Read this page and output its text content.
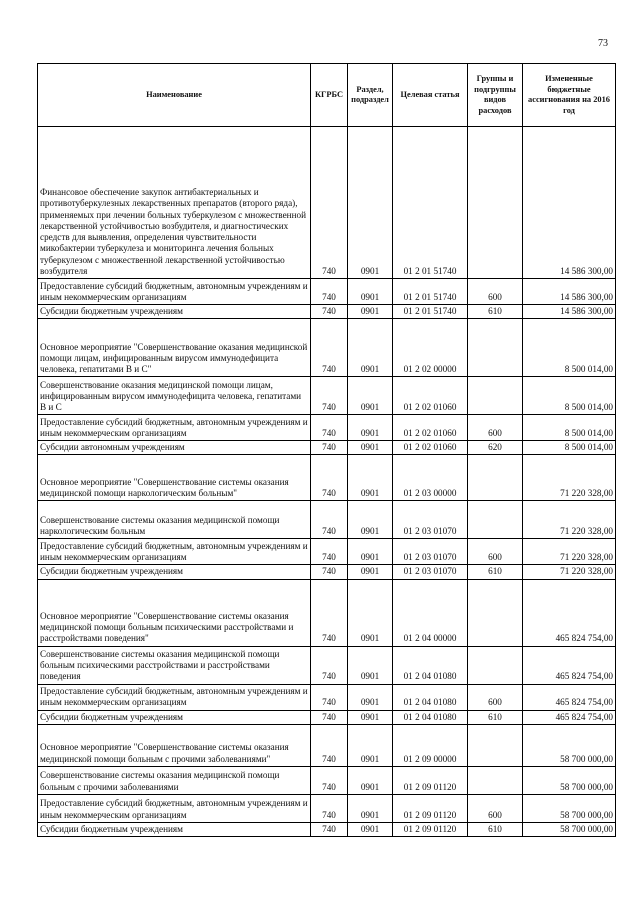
73
Наименование	КГРБС	Раздел, подраздел	Целевая статья	Группы и подгруппы видов расходов	Измененные бюджетные ассигнования на 2016 год
Финансовое обеспечение закупок антибактериальных и противотуберкулезных лекарственных препаратов (второго ряда), применяемых при лечении больных туберкулезом с множественной лекарственной устойчивостью возбудителя, и диагностических средств для выявления, определения чувствительности микобактерии туберкулеза и мониторинга лечения больных туберкулезом с множественной лекарственной устойчивостью возбудителя	740	0901	01 2 01 51740		14 586 300,00
Предоставление субсидий бюджетным, автономным учреждениям и иным некоммерческим организациям	740	0901	01 2 01 51740	600	14 586 300,00
Субсидии бюджетным учреждениям	740	0901	01 2 01 51740	610	14 586 300,00
Основное мероприятие "Совершенствование оказания медицинской помощи лицам, инфицированным вирусом иммунодефицита человека, гепатитами В и С"	740	0901	01 2 02 00000		8 500 014,00
Совершенствование оказания медицинской помощи лицам, инфицированным вирусом иммунодефицита человека, гепатитами В и С	740	0901	01 2 02 01060		8 500 014,00
Предоставление субсидий бюджетным, автономным учреждениям и иным некоммерческим организациям	740	0901	01 2 02 01060	600	8 500 014,00
Субсидии автономным учреждениям	740	0901	01 2 02 01060	620	8 500 014,00
Основное мероприятие "Совершенствование системы оказания медицинской помощи наркологическим больным"	740	0901	01 2 03 00000		71 220 328,00
Совершенствование системы оказания медицинской помощи наркологическим больным	740	0901	01 2 03 01070		71 220 328,00
Предоставление субсидий бюджетным, автономным учреждениям и иным некоммерческим организациям	740	0901	01 2 03 01070	600	71 220 328,00
Субсидии бюджетным учреждениям	740	0901	01 2 03 01070	610	71 220 328,00
Основное мероприятие "Совершенствование системы оказания медицинской помощи больным психическими расстройствами и расстройствами поведения"	740	0901	01 2 04 00000		465 824 754,00
Совершенствование системы оказания медицинской помощи больным психическими расстройствами и расстройствами поведения	740	0901	01 2 04 01080		465 824 754,00
Предоставление субсидий бюджетным, автономным учреждениям и иным некоммерческим организациям	740	0901	01 2 04 01080	600	465 824 754,00
Субсидии бюджетным учреждениям	740	0901	01 2 04 01080	610	465 824 754,00
Основное мероприятие "Совершенствование системы оказания медицинской помощи больным с прочими заболеваниями"	740	0901	01 2 09 00000		58 700 000,00
Совершенствование системы оказания медицинской помощи больным с прочими заболеваниями	740	0901	01 2 09 01120		58 700 000,00
Предоставление субсидий бюджетным, автономным учреждениям и иным некоммерческим организациям	740	0901	01 2 09 01120	600	58 700 000,00
Субсидии бюджетным учреждениям	740	0901	01 2 09 01120	610	58 700 000,00
